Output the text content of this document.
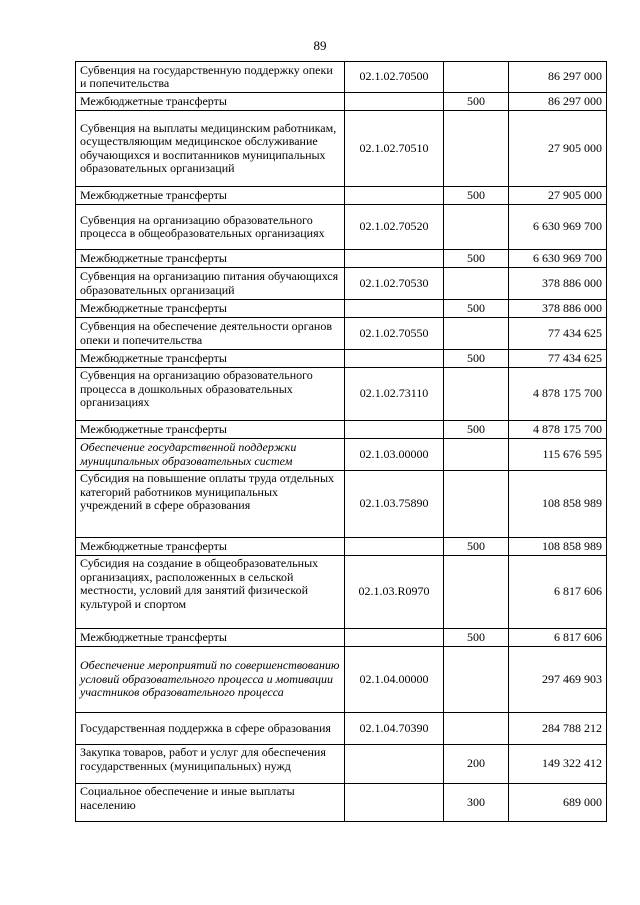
89
Субвенция на государственную поддержку опеки и попечительства	02.1.02.70500		86 297 000
Межбюджетные трансферты		500	86 297 000
Субвенция на выплаты медицинским работникам, осуществляющим медицинское обслуживание обучающихся и воспитанников муниципальных образовательных организаций	02.1.02.70510		27 905 000
Межбюджетные трансферты		500	27 905 000
Субвенция на организацию образовательного процесса в общеобразовательных организациях	02.1.02.70520		6 630 969 700
Межбюджетные трансферты		500	6 630 969 700
Субвенция на организацию питания обучающихся образовательных организаций	02.1.02.70530		378 886 000
Межбюджетные трансферты		500	378 886 000
Субвенция на обеспечение деятельности органов опеки и попечительства	02.1.02.70550		77 434 625
Межбюджетные трансферты		500	77 434 625
Субвенция на организацию образовательного процесса в дошкольных образовательных организациях	02.1.02.73110		4 878 175 700
Межбюджетные трансферты		500	4 878 175 700
Обеспечение государственной поддержки муниципальных образовательных систем	02.1.03.00000		115 676 595
Субсидия на повышение оплаты труда отдельных категорий работников муниципальных учреждений в сфере образования	02.1.03.75890		108 858 989
Межбюджетные трансферты		500	108 858 989
Субсидия на создание в общеобразовательных организациях, расположенных в сельской местности, условий для занятий физической культурой и спортом	02.1.03.R0970		6 817 606
Межбюджетные трансферты		500	6 817 606
Обеспечение мероприятий по совершенствованию условий образовательного процесса и мотивации участников образовательного процесса	02.1.04.00000		297 469 903
Государственная поддержка в сфере образования	02.1.04.70390		284 788 212
Закупка товаров, работ и услуг для обеспечения государственных (муниципальных) нужд		200	149 322 412
Социальное обеспечение и иные выплаты населению		300	689 000
